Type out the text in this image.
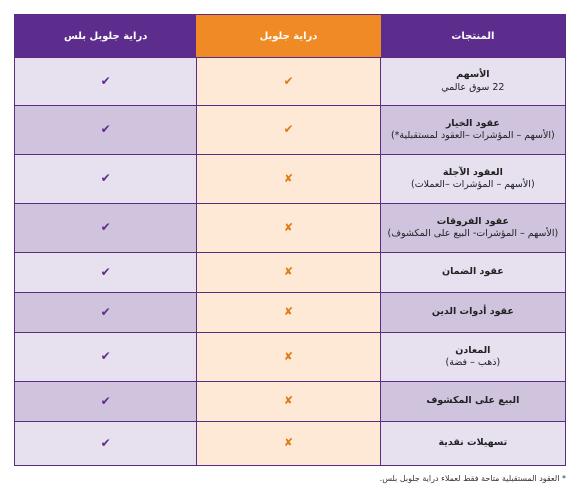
المنتجات
دراية جلوبل
دراية جلوبل بلس
الأسهم
22 سوق عالمي
✔
✔
عقود الخيار
(الأسهم – المؤشرات –العقود لمستقبلية*)
✔
✔
العقود الآجلة
(الأسهم – المؤشرات –العملات)
✘
✔
عقود الفروقات
(الأسهم – المؤشرات- البيع على المكشوف)
✘
✔
عقود الضمان
✘
✔
عقود أدوات الدين
✘
✔
المعادن
(ذهب – فضة)
✘
✔
البيع على المكشوف
✘
✔
تسهيلات نقدية
✘
✔
* العقود المستقبلية متاحة فقط لعملاء دراية جلوبل بلس.
